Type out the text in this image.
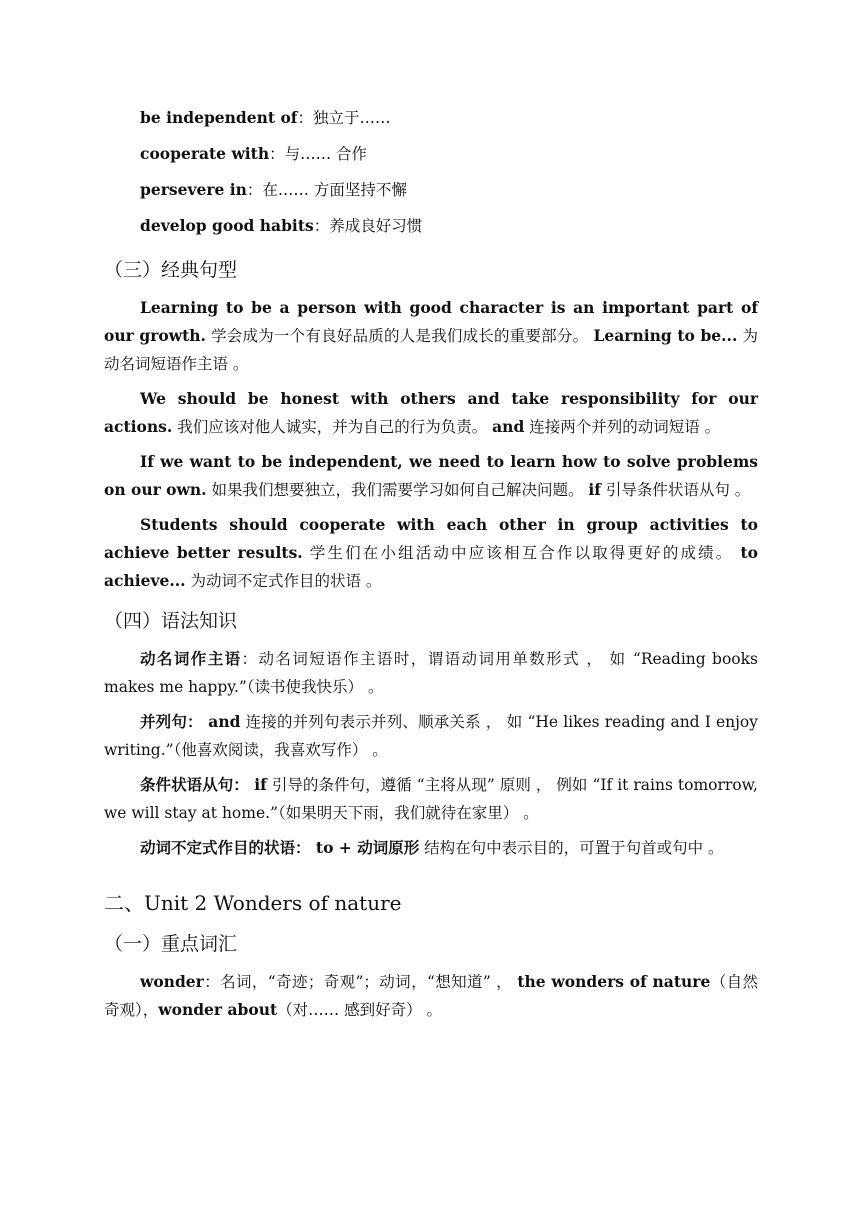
be independent of：独立于……
cooperate with：与…… 合作
persevere in：在…… 方面坚持不懈
develop good habits：养成良好习惯
（三）经典句型

Learning to be a person with good character is an important part of our growth. 学会成为一个有良好品质的人是我们成长的重要部分。 Learning to be... 为动名词短语作主语 。

We should be honest with others and take responsibility for our actions. 我们应该对他人诚实，并为自己的行为负责。 and 连接两个并列的动词短语 。

If we want to be independent, we need to learn how to solve problems on our own. 如果我们想要独立，我们需要学习如何自己解决问题。 if 引导条件状语从句 。

Students should cooperate with each other in group activities to achieve better results. 学生们在小组活动中应该相互合作以取得更好的成绩。 to achieve... 为动词不定式作目的状语 。

（四）语法知识

动名词作主语：动名词短语作主语时，谓语动词用单数形式 ， 如 “Reading books makes me happy.”（读书使我快乐） 。

并列句： and 连接的并列句表示并列、顺承关系 ， 如 “He likes reading and I enjoy writing.”（他喜欢阅读，我喜欢写作） 。

条件状语从句： if 引导的条件句，遵循 “主将从现” 原则 ， 例如 “If it rains tomorrow, we will stay at home.”（如果明天下雨，我们就待在家里） 。

动词不定式作目的状语： to + 动词原形 结构在句中表示目的，可置于句首或句中 。

二、Unit 2 Wonders of nature
（一）重点词汇

wonder：名词，“奇迹；奇观”；动词，“想知道” ， the wonders of nature（自然奇观），wonder about（对…… 感到好奇） 。
